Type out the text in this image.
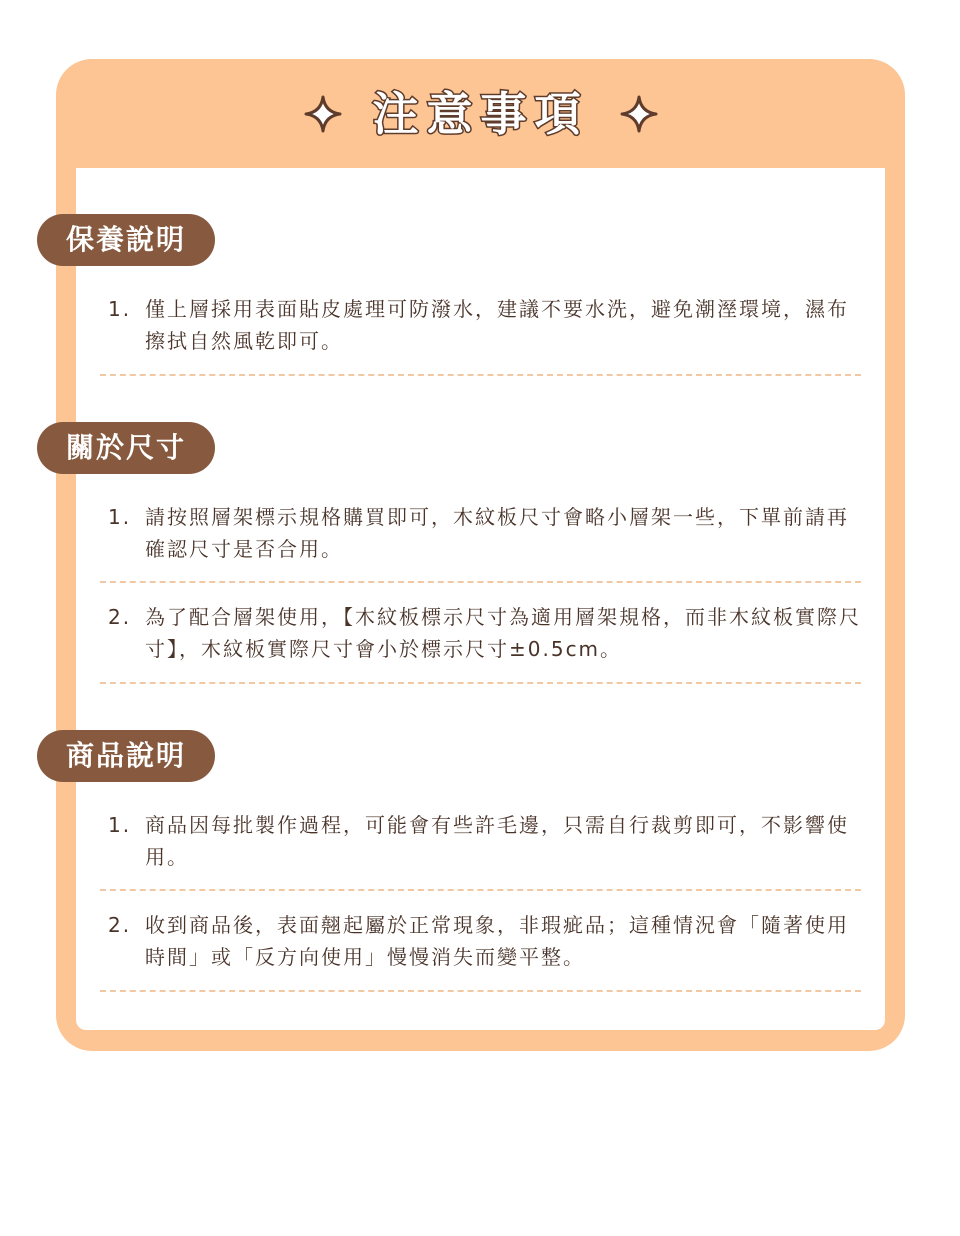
注意事項
保養說明
1. 僅上層採用表面貼皮處理可防潑水，建議不要水洗，避免潮溼環境，濕布擦拭自然風乾即可。
關於尺寸
1. 請按照層架標示規格購買即可，木紋板尺寸會略小層架一些，下單前請再確認尺寸是否合用。
2. 為了配合層架使用，【木紋板標示尺寸為適用層架規格，而非木紋板實際尺寸】，木紋板實際尺寸會小於標示尺寸±0.5cm。
商品說明
1. 商品因每批製作過程，可能會有些許毛邊，只需自行裁剪即可，不影響使用。
2. 收到商品後，表面翹起屬於正常現象，非瑕疵品；這種情況會「隨著使用時間」或「反方向使用」慢慢消失而變平整。
